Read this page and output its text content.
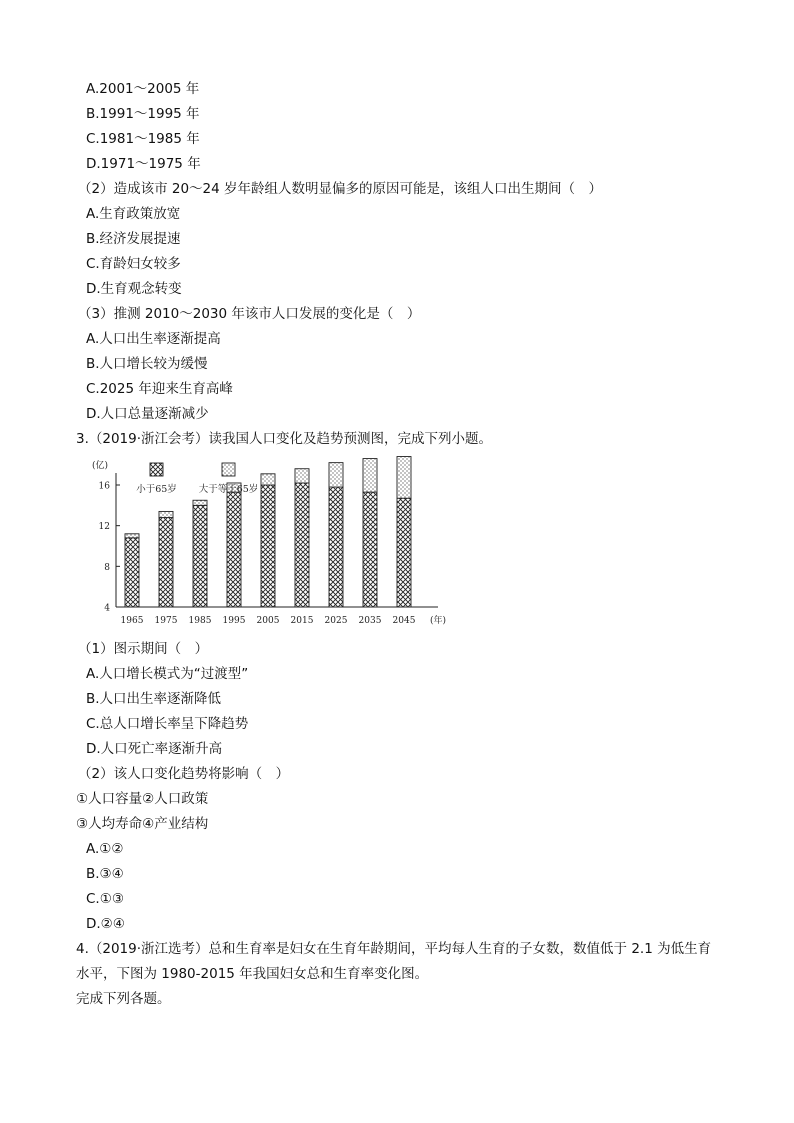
A.2001～2005 年
B.1991～1995 年
C.1981～1985 年
D.1971～1975 年
（2）造成该市 20～24 岁年龄组人数明显偏多的原因可能是，该组人口出生期间（　）
A.生育政策放宽
B.经济发展提速
C.育龄妇女较多
D.生育观念转变
（3）推测 2010～2030 年该市人口发展的变化是（　）
A.人口出生率逐渐提高
B.人口增长较为缓慢
C.2025 年迎来生育高峰
D.人口总量逐渐减少
3.（2019·浙江会考）读我国人口变化及趋势预测图，完成下列小题。
4
8
12
16
(亿)
(年)
1965 1975 1985 1995 2005 2015 2025 2035 2045
小于65岁 大于等于65岁
（1）图示期间（　）
A.人口增长模式为“过渡型”
B.人口出生率逐渐降低
C.总人口增长率呈下降趋势
D.人口死亡率逐渐升高
（2）该人口变化趋势将影响（　）
①人口容量②人口政策
③人均寿命④产业结构
A.①②
B.③④
C.①③
D.②④
4.（2019·浙江选考）总和生育率是妇女在生育年龄期间，平均每人生育的子女数，数值低于 2.1 为低生育
水平，下图为 1980-2015 年我国妇女总和生育率变化图。
完成下列各题。
